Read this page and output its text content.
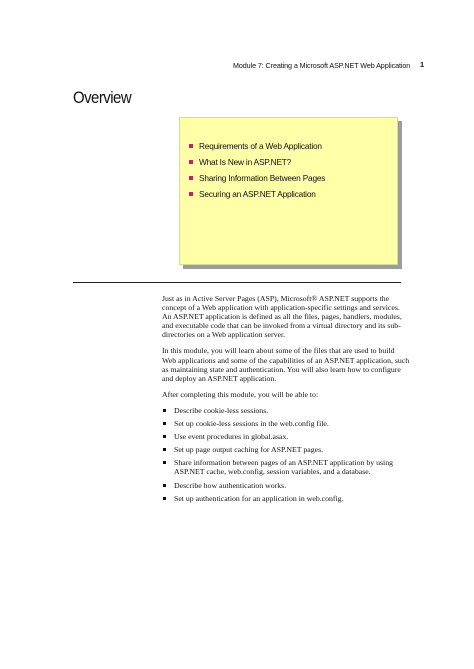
Module 7: Creating a Microsoft ASP.NET Web Application 1
Overview
Requirements of a Web Application
What Is New in ASP.NET?
Sharing Information Between Pages
Securing an ASP.NET Application

Just as in Active Server Pages (ASP), Microsoft® ASP.NET supports the concept of a Web application with application-specific settings and services. An ASP.NET application is defined as all the files, pages, handlers, modules, and executable code that can be invoked from a virtual directory and its sub-directories on a Web application server.

In this module, you will learn about some of the files that are used to build Web applications and some of the capabilities of an ASP.NET application, such as maintaining state and authentication. You will also learn how to configure and deploy an ASP.NET application.

After completing this module, you will be able to:

Describe cookie-less sessions.
Set up cookie-less sessions in the web.config file.
Use event procedures in global.asax.
Set up page output caching for ASP.NET pages.
Share information between pages of an ASP.NET application by using ASP.NET cache, web.config, session variables, and a database.
Describe how authentication works.
Set up authentication for an application in web.config.
